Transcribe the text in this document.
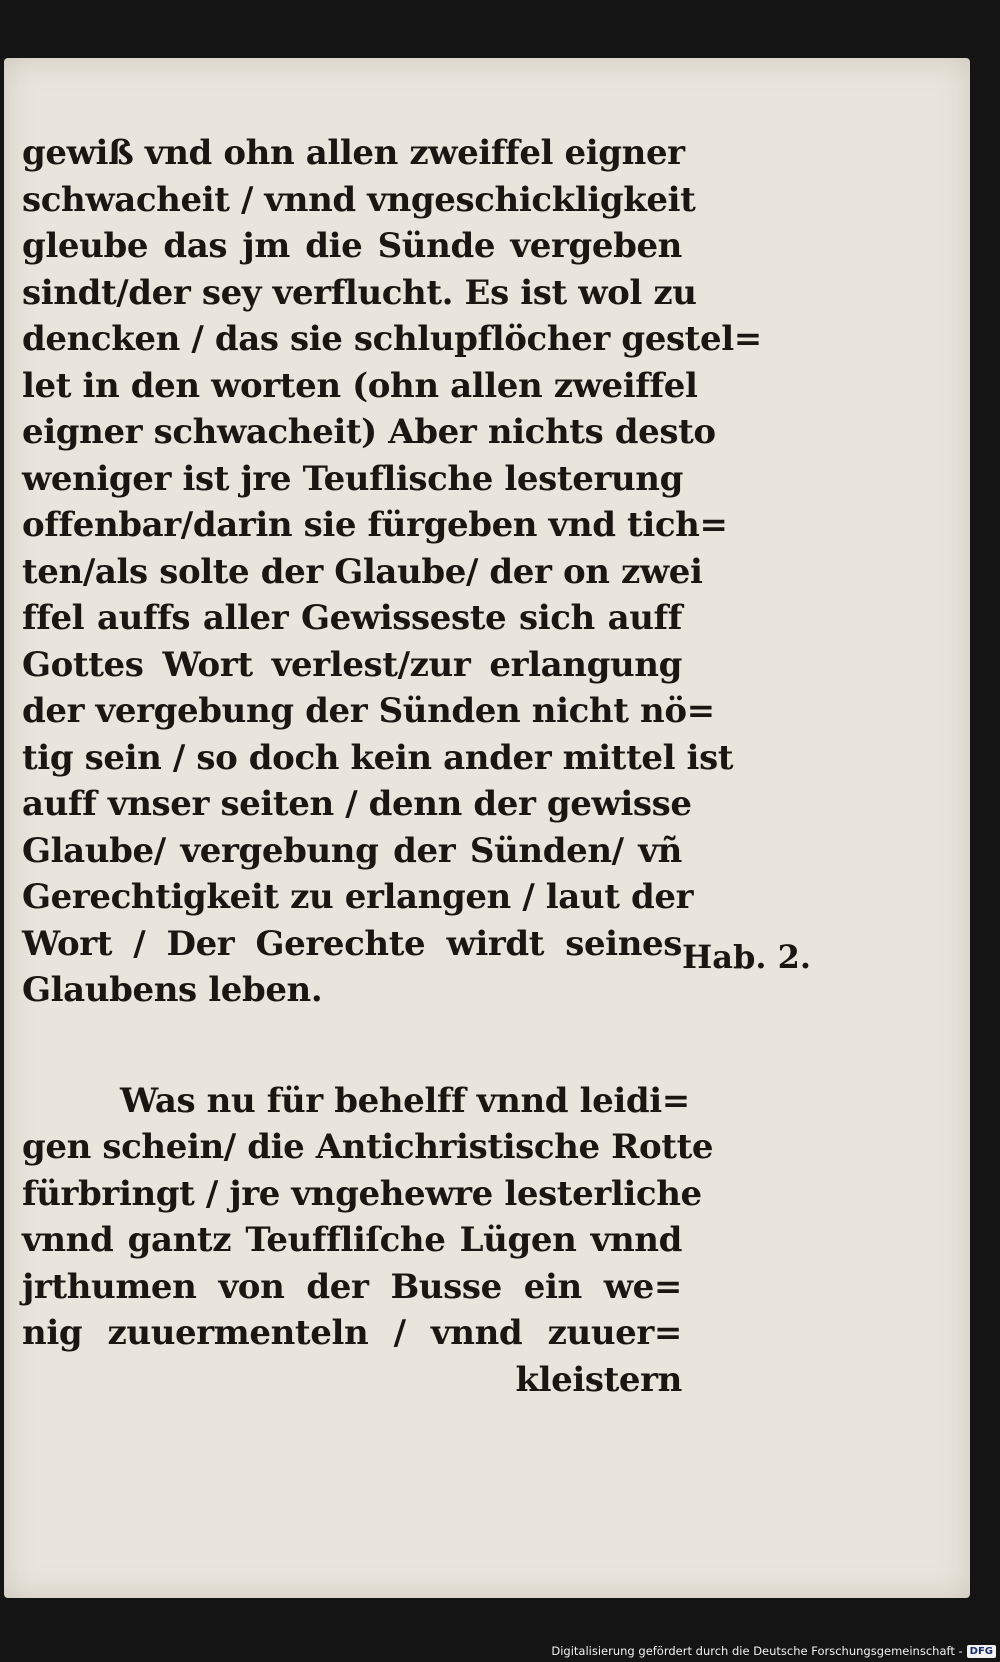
gewiß vnd ohn allen zweiffel eigner
schwacheit / vnnd vngeschickligkeit
gleube das jm die Sünde vergeben
sindt/der sey verflucht. Es ist wol zu
dencken / das sie schlupflöcher gestel=
let in den worten (ohn allen zweiffel
eigner schwacheit) Aber nichts desto
weniger ist jre Teuflische lesterung
offenbar/darin sie fürgeben vnd tich=
ten/als solte der Glaube/ der on zwei
ffel auffs aller Gewisseste sich auff
Gottes Wort verlest/zur erlangung
der vergebung der Sünden nicht nö=
tig sein / so doch kein ander mittel ist
auff vnser seiten / denn der gewisse
Glaube/ vergebung der Sünden/ vñ
Gerechtigkeit zu erlangen / laut der
Wort / Der Gerechte wirdt seines
Glaubens leben.
Was nu für behelff vnnd leidi=
gen schein/ die Antichristische Rotte
fürbringt / jre vngehewre lesterliche
vnnd gantz Teuffliſche Lügen vnnd
jrthumen von der Busse ein we=
nig zuuermenteln / vnnd zuuer=
kleistern
Hab. 2.
Digitalisierung gefördert durch die Deutsche Forschungsgemeinschaft - DFG
